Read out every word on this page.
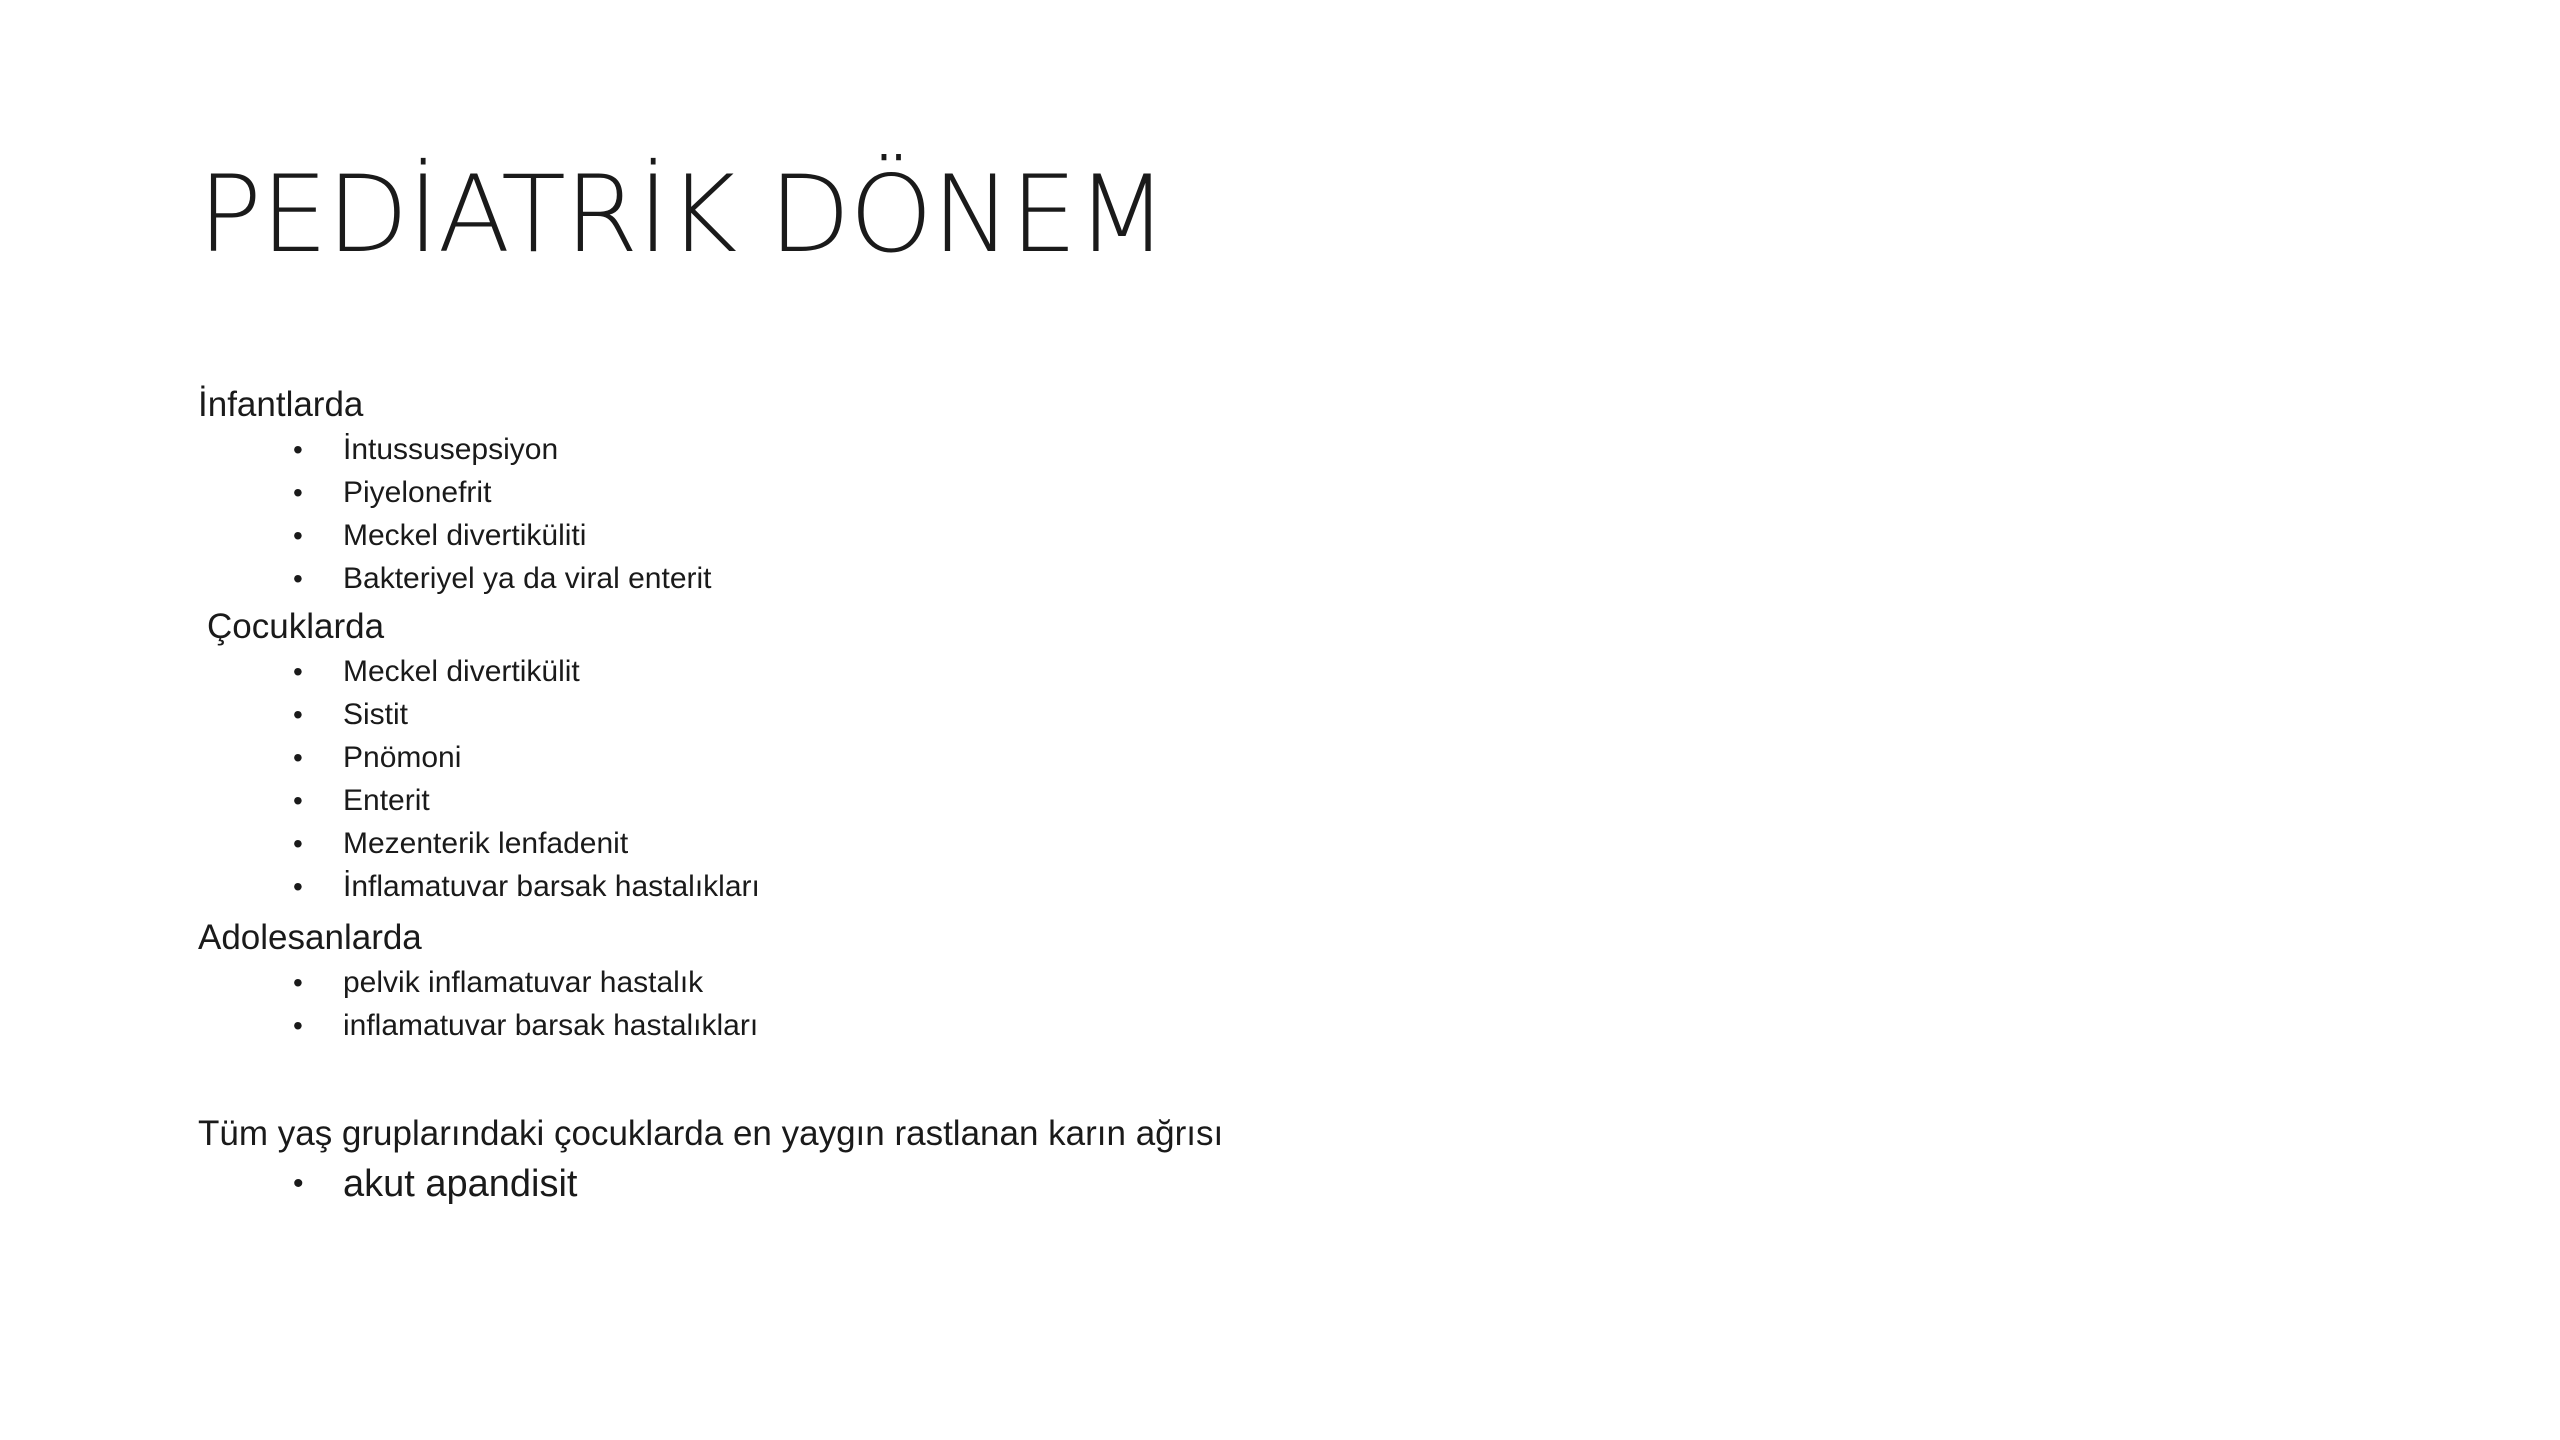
PEDİATRİK DÖNEM
İnfantlarda
• İntussusepsiyon
• Piyelonefrit
• Meckel divertiküliti
• Bakteriyel ya da viral enterit
Çocuklarda
• Meckel divertikülit
• Sistit
• Pnömoni
• Enterit
• Mezenterik lenfadenit
• İnflamatuvar barsak hastalıkları
Adolesanlarda
• pelvik inflamatuvar hastalık
• inflamatuvar barsak hastalıkları
Tüm yaş gruplarındaki çocuklarda en yaygın rastlanan karın ağrısı
• akut apandisit
